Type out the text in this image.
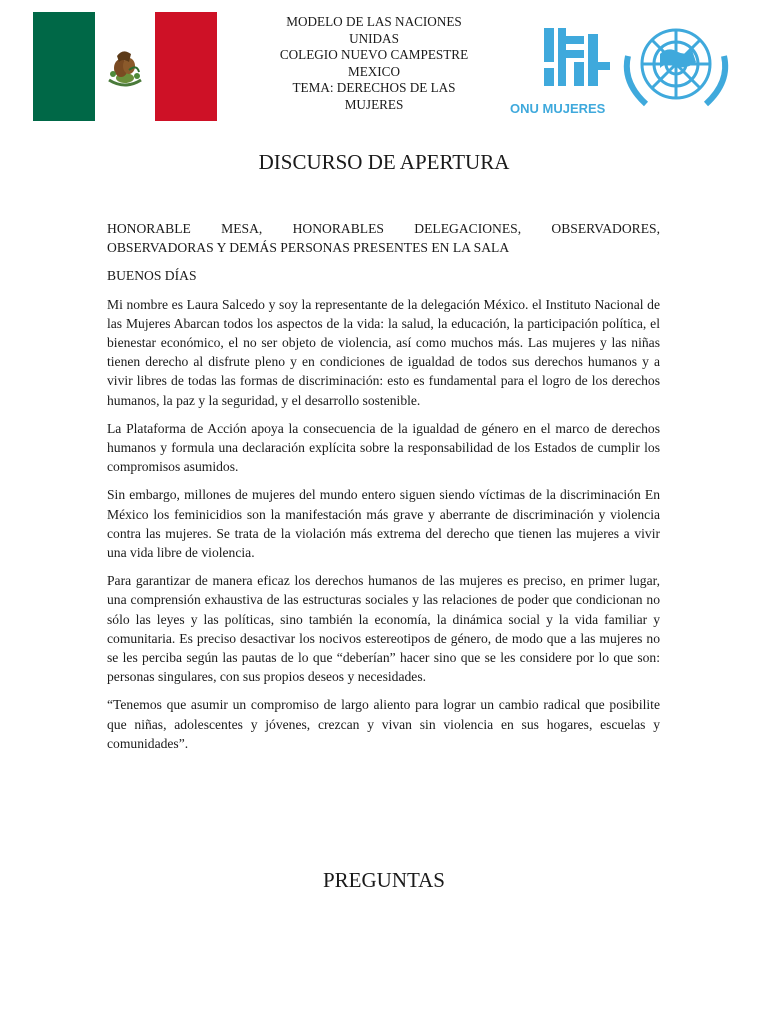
MODELO DE LAS NACIONES
UNIDAS
COLEGIO NUEVO CAMPESTRE
MEXICO
TEMA: DERECHOS DE LAS
MUJERES	ONU MUJERES
DISCURSO DE APERTURA

HONORABLE MESA, HONORABLES DELEGACIONES, OBSERVADORES, OBSERVADORAS Y DEMÁS PERSONAS PRESENTES EN LA SALA

BUENOS DÍAS

Mi nombre es Laura Salcedo y soy la representante de la delegación México. el Instituto Nacional de las Mujeres Abarcan todos los aspectos de la vida: la salud, la educación, la participación política, el bienestar económico, el no ser objeto de violencia, así como muchos más. Las mujeres y las niñas tienen derecho al disfrute pleno y en condiciones de igualdad de todos sus derechos humanos y a vivir libres de todas las formas de discriminación: esto es fundamental para el logro de los derechos humanos, la paz y la seguridad, y el desarrollo sostenible.

La Plataforma de Acción apoya la consecuencia de la igualdad de género en el marco de derechos humanos y formula una declaración explícita sobre la responsabilidad de los Estados de cumplir los compromisos asumidos.

Sin embargo, millones de mujeres del mundo entero siguen siendo víctimas de la discriminación En México los feminicidios son la manifestación más grave y aberrante de discriminación y violencia contra las mujeres. Se trata de la violación más extrema del derecho que tienen las mujeres a vivir una vida libre de violencia.

Para garantizar de manera eficaz los derechos humanos de las mujeres es preciso, en primer lugar, una comprensión exhaustiva de las estructuras sociales y las relaciones de poder que condicionan no sólo las leyes y las políticas, sino también la economía, la dinámica social y la vida familiar y comunitaria. Es preciso desactivar los nocivos estereotipos de género, de modo que a las mujeres no se les perciba según las pautas de lo que “deberían” hacer sino que se les considere por lo que son: personas singulares, con sus propios deseos y necesidades.

“Tenemos que asumir un compromiso de largo aliento para lograr un cambio radical que posibilite que niñas, adolescentes y jóvenes, crezcan y vivan sin violencia en sus hogares, escuelas y comunidades”.

PREGUNTAS
